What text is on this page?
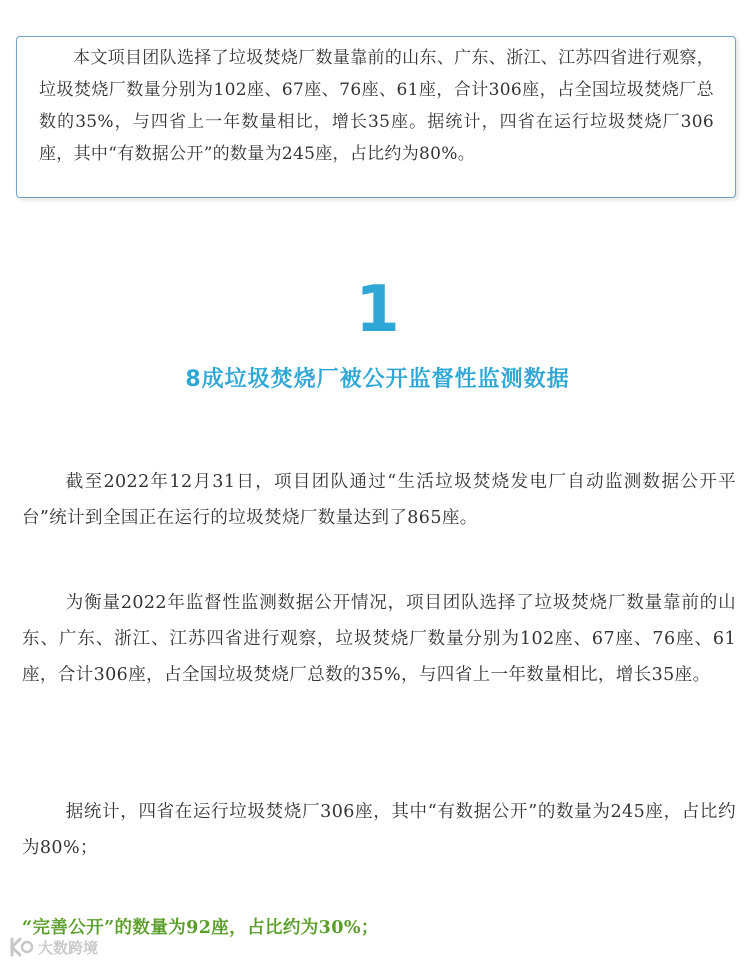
本文项目团队选择了垃圾焚烧厂数量靠前的山东、广东、浙江、江苏四省进行观察，垃圾焚烧厂数量分别为102座、67座、76座、61座，合计306座，占全国垃圾焚烧厂总数的35%，与四省上一年数量相比，增长35座。据统计，四省在运行垃圾焚烧厂306座，其中“有数据公开”的数量为245座，占比约为80%。

1
8成垃圾焚烧厂被公开监督性监测数据

截至2022年12月31日，项目团队通过“生活垃圾焚烧发电厂自动监测数据公开平台”统计到全国正在运行的垃圾焚烧厂数量达到了865座。

为衡量2022年监督性监测数据公开情况，项目团队选择了垃圾焚烧厂数量靠前的山东、广东、浙江、江苏四省进行观察，垃圾焚烧厂数量分别为102座、67座、76座、61座，合计306座，占全国垃圾焚烧厂总数的35%，与四省上一年数量相比，增长35座。

据统计，四省在运行垃圾焚烧厂306座，其中“有数据公开”的数量为245座，占比约为80%；

“完善公开”的数量为92座，占比约为30%；

大数跨境
